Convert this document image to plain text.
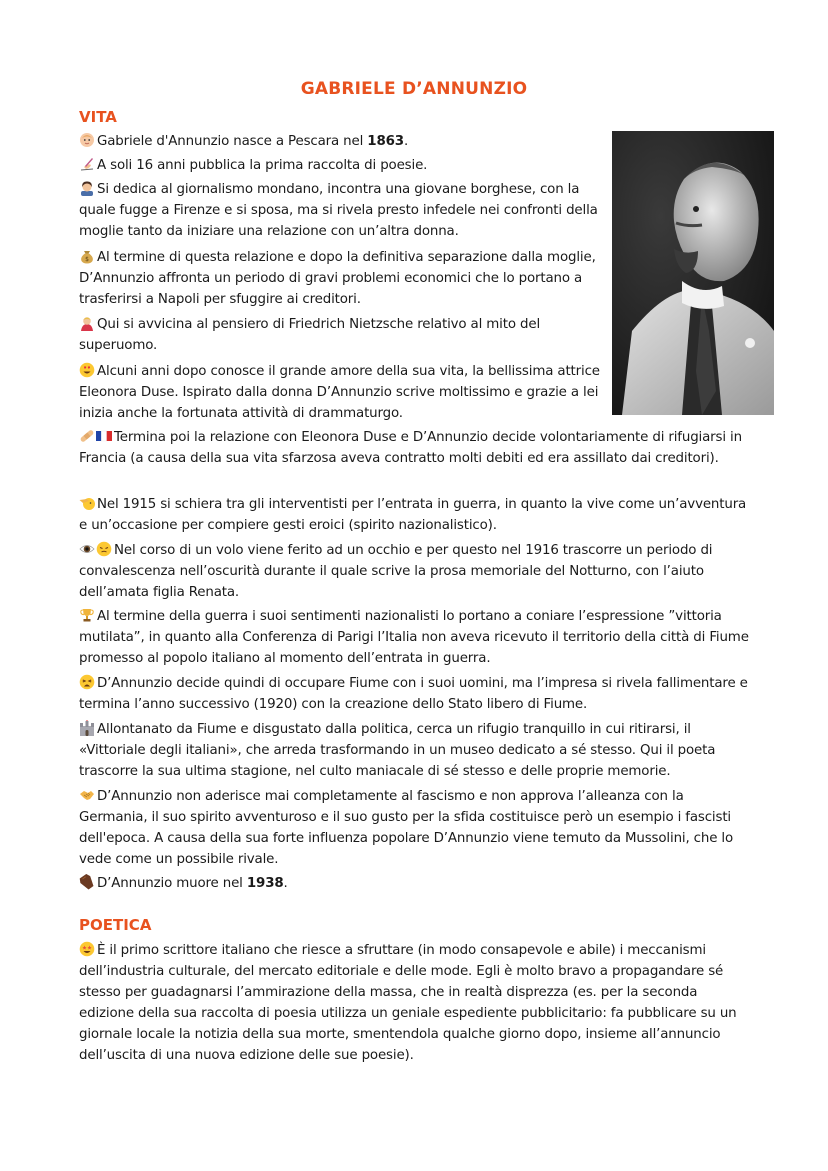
GABRIELE D’ANNUNZIO
VITA
Gabriele d'Annunzio nasce a Pescara nel 1863.
A soli 16 anni pubblica la prima raccolta di poesie.
Si dedica al giornalismo mondano, incontra una giovane borghese, con la quale fugge a Firenze e si sposa, ma si rivela presto infedele nei confronti della moglie tanto da iniziare una relazione con un’altra donna.
$ Al termine di questa relazione e dopo la definitiva separazione dalla moglie, D’Annunzio affronta un periodo di gravi problemi economici che lo portano a trasferirsi a Napoli per sfuggire ai creditori.
Qui si avvicina al pensiero di Friedrich Nietzsche relativo al mito del superuomo.
Alcuni anni dopo conosce il grande amore della sua vita, la bellissima attrice Eleonora Duse. Ispirato dalla donna D’Annunzio scrive moltissimo e grazie a lei inizia anche la fortunata attività di drammaturgo.
Termina poi la relazione con Eleonora Duse e D’Annunzio decide volontariamente di rifugiarsi in Francia (a causa della sua vita sfarzosa aveva contratto molti debiti ed era assillato dai creditori).
Nel 1915 si schiera tra gli interventisti per l’entrata in guerra, in quanto la vive come un’avventura e un’occasione per compiere gesti eroici (spirito nazionalistico).
Nel corso di un volo viene ferito ad un occhio e per questo nel 1916 trascorre un periodo di convalescenza nell’oscurità durante il quale scrive la prosa memoriale del Notturno, con l’aiuto dell’amata figlia Renata.
Al termine della guerra i suoi sentimenti nazionalisti lo portano a coniare l’espressione ”vittoria mutilata”, in quanto alla Conferenza di Parigi l’Italia non aveva ricevuto il territorio della città di Fiume promesso al popolo italiano al momento dell’entrata in guerra.
D’Annunzio decide quindi di occupare Fiume con i suoi uomini, ma l’impresa si rivela fallimentare e termina l’anno successivo (1920) con la creazione dello Stato libero di Fiume.
Allontanato da Fiume e disgustato dalla politica, cerca un rifugio tranquillo in cui ritirarsi, il «Vittoriale degli italiani», che arreda trasformando in un museo dedicato a sé stesso. Qui il poeta trascorre la sua ultima stagione, nel culto maniacale di sé stesso e delle proprie memorie.
D’Annunzio non aderisce mai completamente al fascismo e non approva l’alleanza con la Germania, il suo spirito avventuroso e il suo gusto per la sfida costituisce però un esempio i fascisti dell'epoca. A causa della sua forte influenza popolare D’Annunzio viene temuto da Mussolini, che lo vede come un possibile rivale.
D’Annunzio muore nel 1938.
POETICA
È il primo scrittore italiano che riesce a sfruttare (in modo consapevole e abile) i meccanismi dell’industria culturale, del mercato editoriale e delle mode. Egli è molto bravo a propagandare sé stesso per guadagnarsi l’ammirazione della massa, che in realtà disprezza (es. per la seconda edizione della sua raccolta di poesia utilizza un geniale espediente pubblicitario: fa pubblicare su un giornale locale la notizia della sua morte, smentendola qualche giorno dopo, insieme all’annuncio dell’uscita di una nuova edizione delle sue poesie).
